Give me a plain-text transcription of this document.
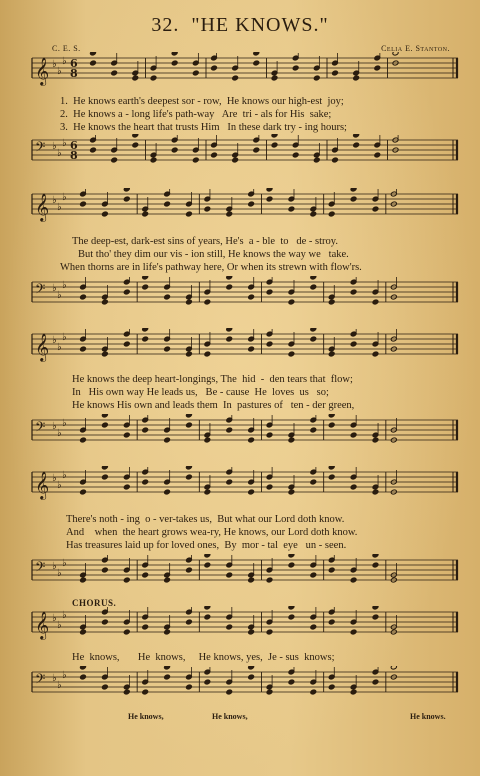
32. "HE KNOWS."
C. E. S.	Celia E. Stanton.
CHORUS.
1.  He knows earth's deepest sor - row,  He knows our high-est  joy;
2.  He knows a - long life's path-way   Are  tri - als for His  sake;
3.  He knows the heart that trusts Him   In these dark try - ing hours;
The deep-est, dark-est sins of years, He's  a - ble  to   de - stroy.
But tho' they dim our vis - ion still, He knows the way we   take.
When thorns are in life's pathway here, Or when its strewn with flow'rs.
He knows the deep heart-longings, The  hid  -  den tears that  flow;
In   His own way He leads us,   Be - cause  He  loves  us   so;
He knows His own and leads them  In  pastures of   ten - der green,
There's noth - ing  o - ver-takes us,  But what our Lord doth know.
And    when  the heart grows wea-ry, He knows, our Lord doth know.
Has treasures laid up for loved ones,  By  mor - tal  eye   un - seen.
He  knows,       He  knows,     He knows, yes,  Je - sus  knows;
He knows,	He knows,	He knows.
𝄞 ♭
♭
♭ 6
8
𝄢 ♭
♭
♭ 6
8
𝄞 ♭
♭
♭
𝄢 ♭
♭
♭
𝄞 ♭
♭
♭
𝄢 ♭
♭
♭
𝄞 ♭
♭
♭
𝄢 ♭
♭
♭
𝄞 ♭
♭
♭
𝄢 ♭
♭
♭
